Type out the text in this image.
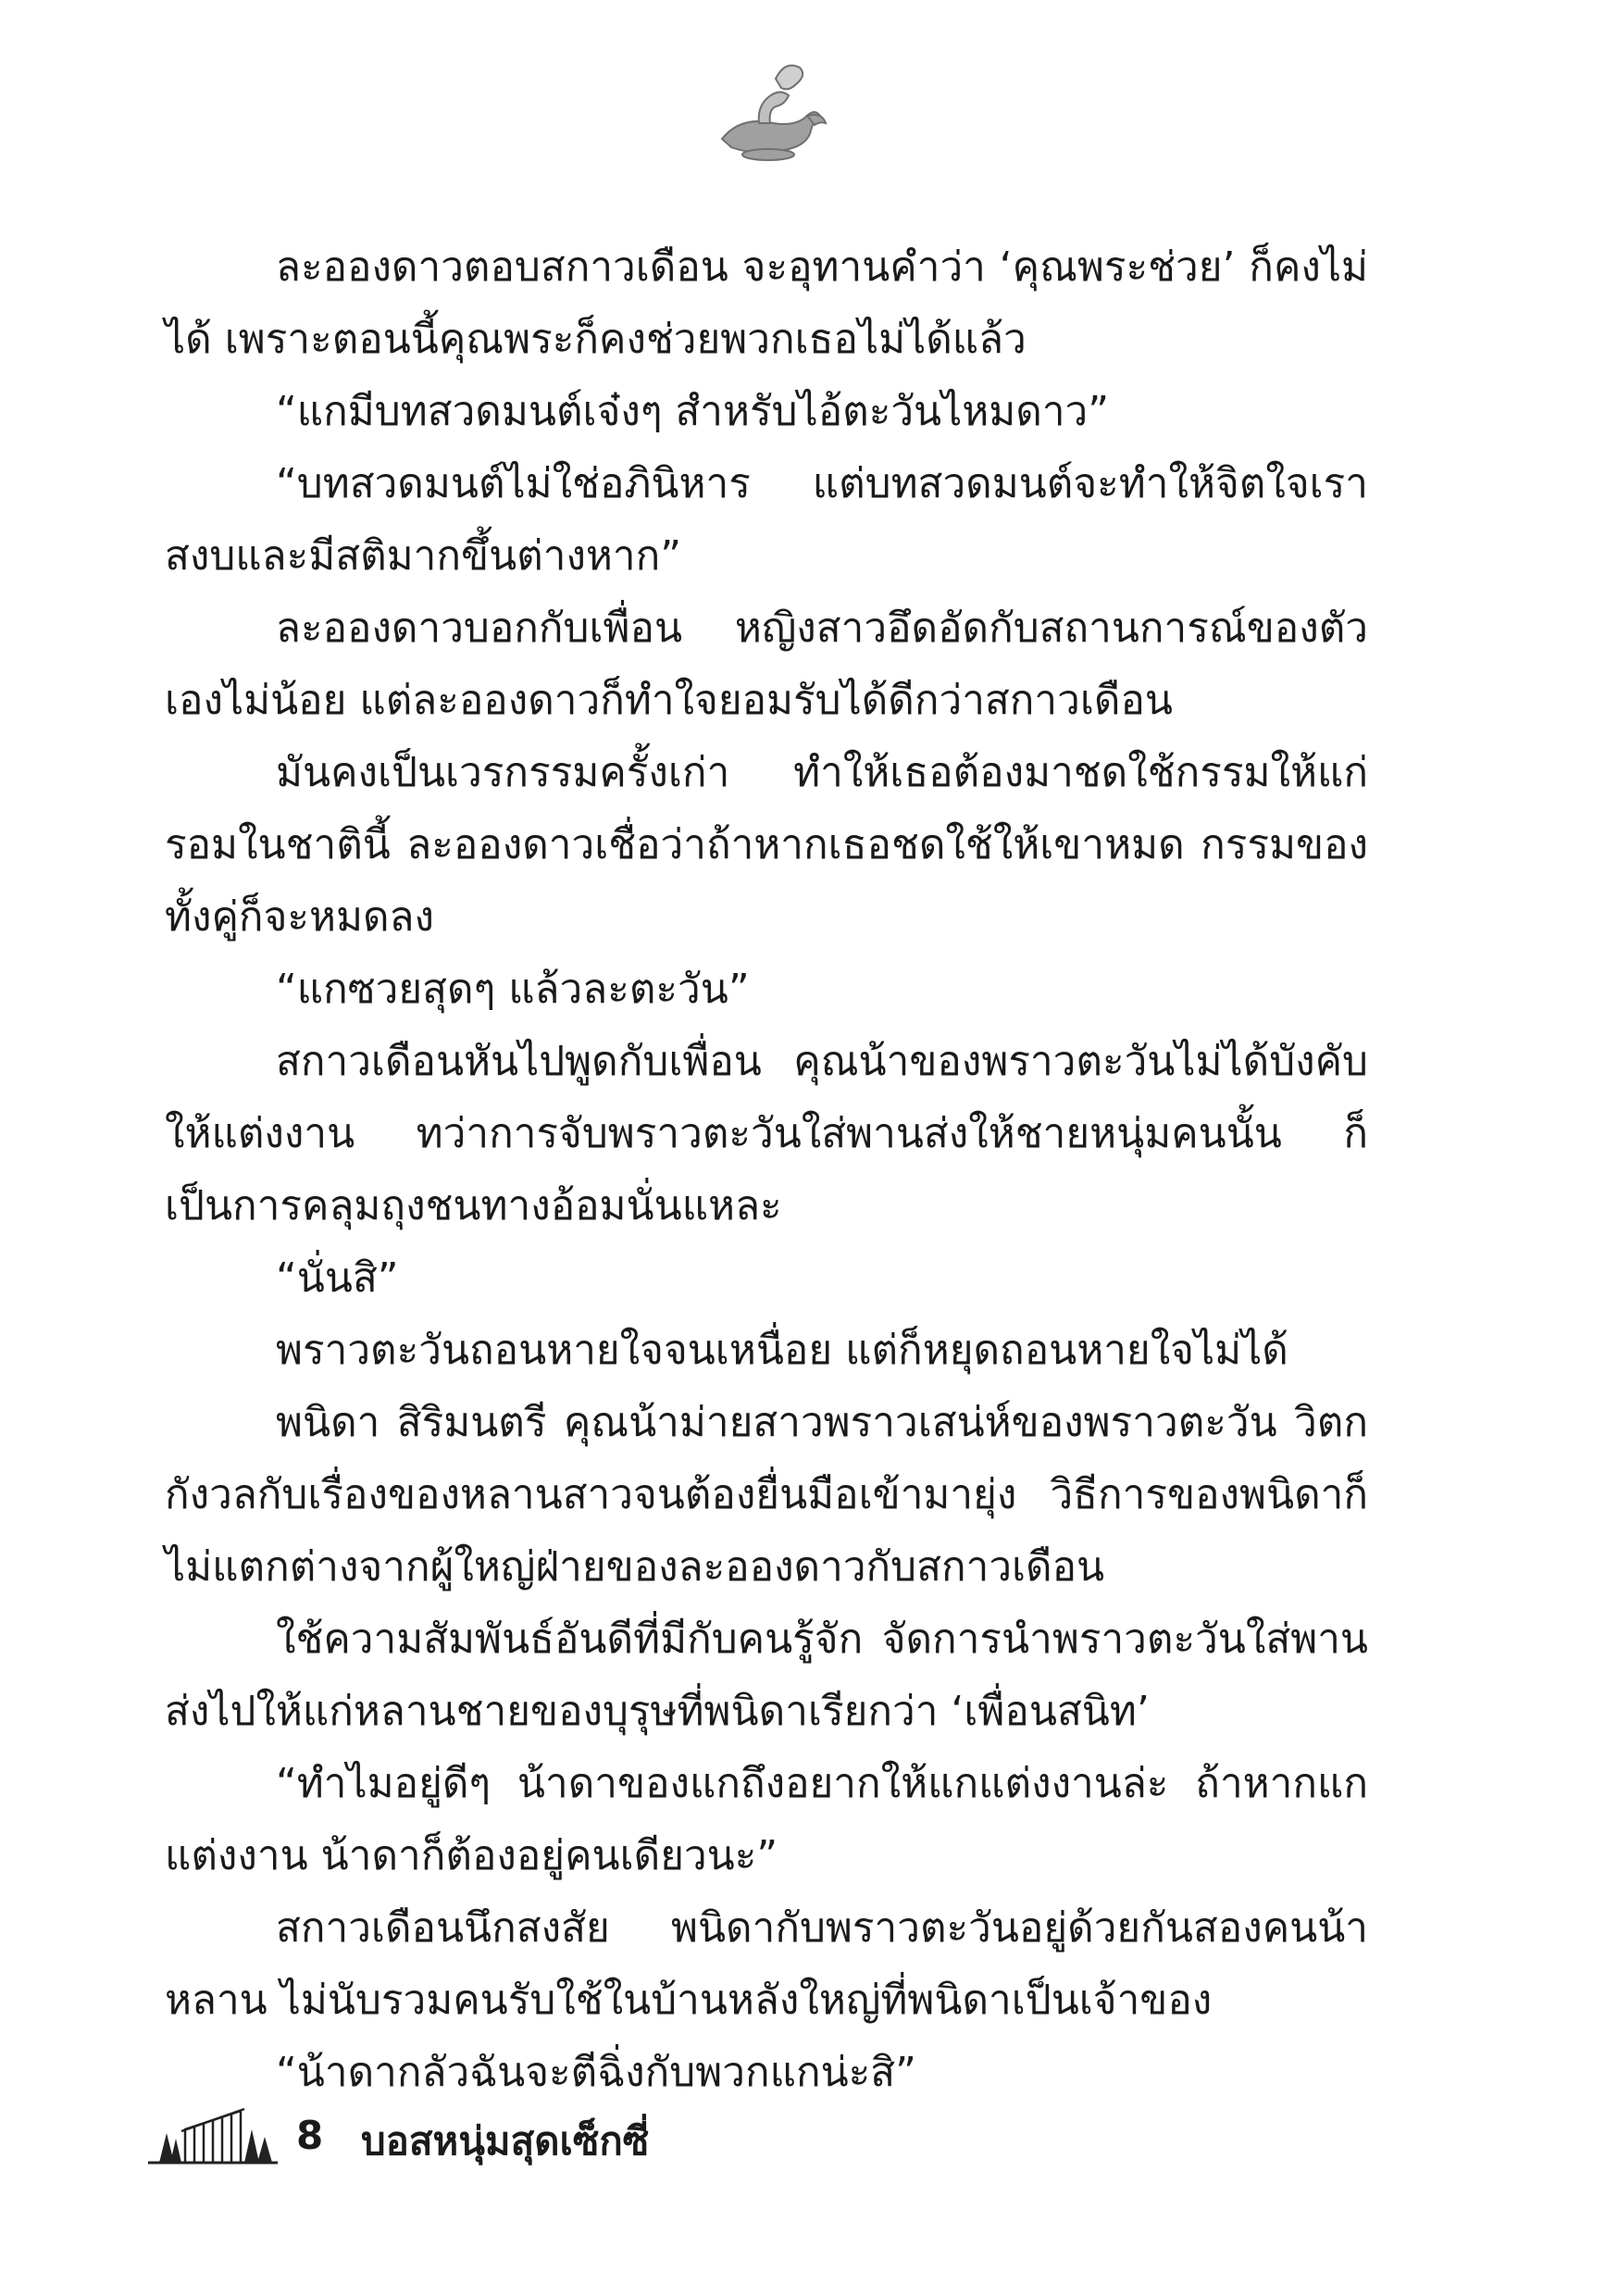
ละอองดาวตอบสกาวเดือน จะอุทานคำว่า ‘คุณพระช่วย’ ก็คงไม่ได้ เพราะตอนนี้คุณพระก็คงช่วยพวกเธอไม่ได้แล้ว

“แกมีบทสวดมนต์เจ๋งๆ สำหรับไอ้ตะวันไหมดาว”

“บทสวดมนต์ไม่ใช่อภินิหาร แต่บทสวดมนต์จะทำให้จิตใจเราสงบและมีสติมากขึ้นต่างหาก”

ละอองดาวบอกกับเพื่อน หญิงสาวอึดอัดกับสถานการณ์ของตัวเองไม่น้อย แต่ละอองดาวก็ทำใจยอมรับได้ดีกว่าสกาวเดือน

มันคงเป็นเวรกรรมครั้งเก่า ทำให้เธอต้องมาชดใช้กรรมให้แก่รอมในชาตินี้ ละอองดาวเชื่อว่าถ้าหากเธอชดใช้ให้เขาหมด กรรมของทั้งคู่ก็จะหมดลง

“แกซวยสุดๆ แล้วละตะวัน”

สกาวเดือนหันไปพูดกับเพื่อน คุณน้าของพราวตะวันไม่ได้บังคับให้แต่งงาน ทว่าการจับพราวตะวันใส่พานส่งให้ชายหนุ่มคนนั้น ก็เป็นการคลุมถุงชนทางอ้อมนั่นแหละ

“นั่นสิ”

พราวตะวันถอนหายใจจนเหนื่อย แต่ก็หยุดถอนหายใจไม่ได้

พนิดา สิริมนตรี คุณน้าม่ายสาวพราวเสน่ห์ของพราวตะวัน วิตกกังวลกับเรื่องของหลานสาวจนต้องยื่นมือเข้ามายุ่ง วิธีการของพนิดาก็ไม่แตกต่างจากผู้ใหญ่ฝ่ายของละอองดาวกับสกาวเดือน

ใช้ความสัมพันธ์อันดีที่มีกับคนรู้จัก จัดการนำพราวตะวันใส่พานส่งไปให้แก่หลานชายของบุรุษที่พนิดาเรียกว่า ‘เพื่อนสนิท’

“ทำไมอยู่ดีๆ น้าดาของแกถึงอยากให้แกแต่งงานล่ะ ถ้าหากแกแต่งงาน น้าดาก็ต้องอยู่คนเดียวนะ”

สกาวเดือนนึกสงสัย พนิดากับพราวตะวันอยู่ด้วยกันสองคนน้าหลาน ไม่นับรวมคนรับใช้ในบ้านหลังใหญ่ที่พนิดาเป็นเจ้าของ

“น้าดากลัวฉันจะตีฉิ่งกับพวกแกน่ะสิ”

8 บอสหนุ่มสุดเซ็กซี่
